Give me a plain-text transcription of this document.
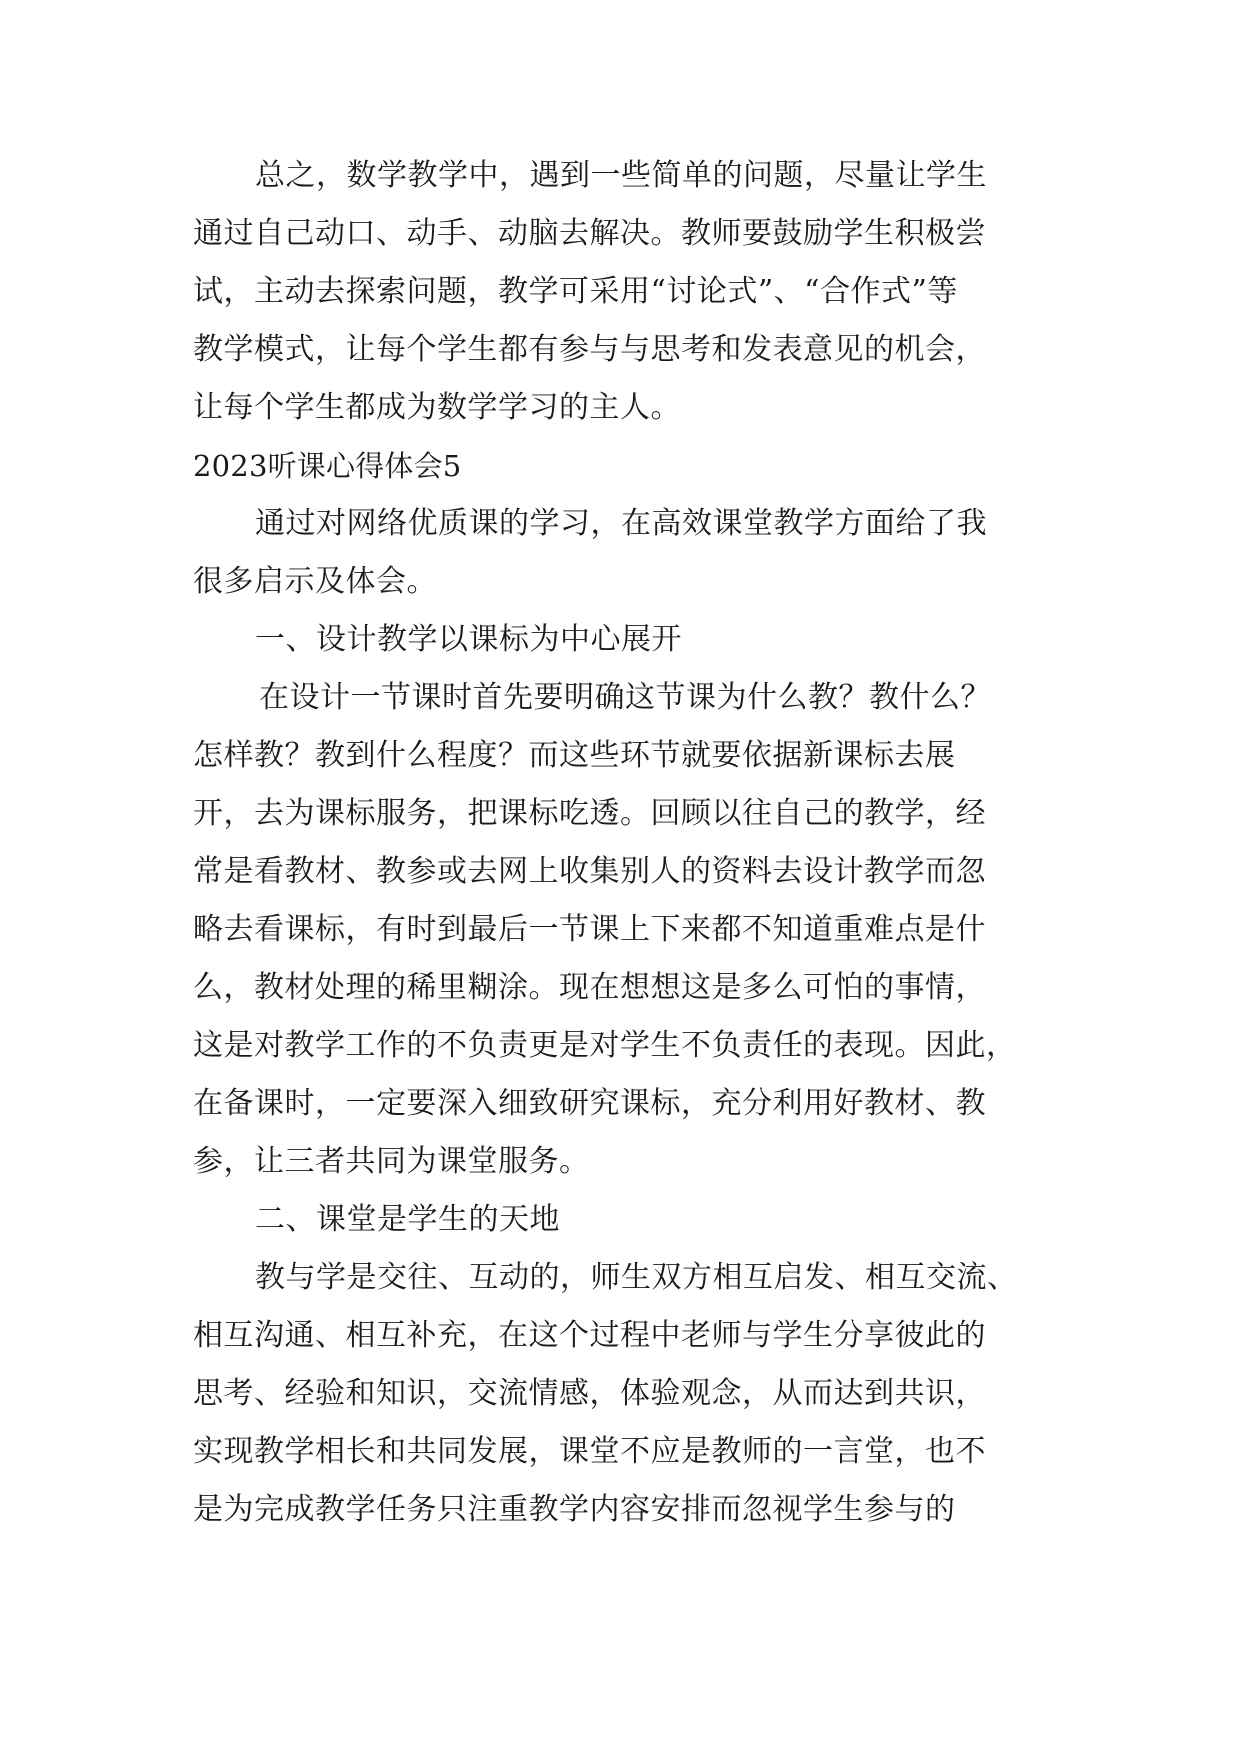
总之，数学教学中，遇到一些简单的问题，尽量让学生
通过自己动口、动手、动脑去解决。教师要鼓励学生积极尝
试，主动去探索问题，教学可采用“讨论式”、“合作式”等
教学模式，让每个学生都有参与与思考和发表意见的机会，
让每个学生都成为数学学习的主人。
2023听课心得体会5
通过对网络优质课的学习，在高效课堂教学方面给了我
很多启示及体会。
一、设计教学以课标为中心展开
在设计一节课时首先要明确这节课为什么教？教什么？
怎样教？教到什么程度？而这些环节就要依据新课标去展
开，去为课标服务，把课标吃透。回顾以往自己的教学，经
常是看教材、教参或去网上收集别人的资料去设计教学而忽
略去看课标，有时到最后一节课上下来都不知道重难点是什
么，教材处理的稀里糊涂。现在想想这是多么可怕的事情，
这是对教学工作的不负责更是对学生不负责任的表现。因此，
在备课时，一定要深入细致研究课标，充分利用好教材、教
参，让三者共同为课堂服务。
二、课堂是学生的天地
教与学是交往、互动的，师生双方相互启发、相互交流、
相互沟通、相互补充，在这个过程中老师与学生分享彼此的
思考、经验和知识，交流情感，体验观念，从而达到共识，
实现教学相长和共同发展，课堂不应是教师的一言堂，也不
是为完成教学任务只注重教学内容安排而忽视学生参与的
